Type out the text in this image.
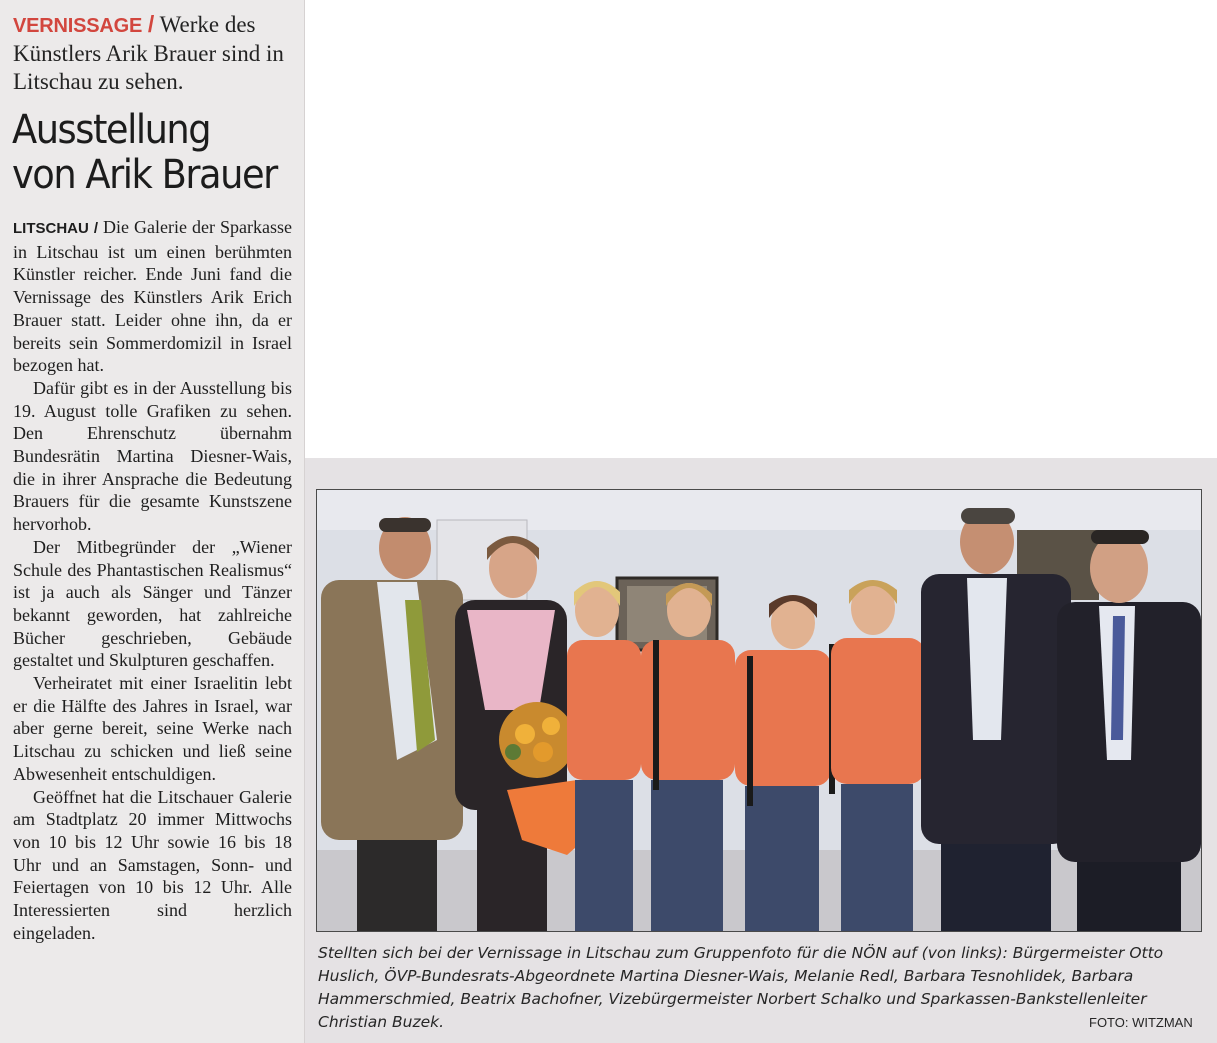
VERNISSAGE / Werke des Künstlers Arik Brauer sind in Litschau zu sehen.
Ausstellung von Arik Brauer

LITSCHAU / Die Galerie der Sparkasse in Litschau ist um einen berühmten Künstler reicher. Ende Juni fand die Vernissage des Künstlers Arik Erich Brauer statt. Leider ohne ihn, da er bereits sein Sommerdomizil in Israel bezogen hat.

Dafür gibt es in der Ausstellung bis 19. August tolle Grafiken zu sehen. Den Ehrenschutz übernahm Bundesrätin Martina Diesner-Wais, die in ihrer Ansprache die Bedeutung Brauers für die gesamte Kunstszene hervorhob.

Der Mitbegründer der „Wiener Schule des Phantastischen Realismus“ ist ja auch als Sänger und Tänzer bekannt geworden, hat zahlreiche Bücher geschrieben, Gebäude gestaltet und Skulpturen geschaffen.

Verheiratet mit einer Israelitin lebt er die Hälfte des Jahres in Israel, war aber gerne bereit, seine Werke nach Litschau zu schicken und ließ seine Abwesenheit entschuldigen.

Geöffnet hat die Litschauer Galerie am Stadtplatz 20 immer Mittwochs von 10 bis 12 Uhr sowie 16 bis 18 Uhr und an Samstagen, Sonn- und Feiertagen von 10 bis 12 Uhr. Alle Interessierten sind herzlich eingeladen.

Stellten sich bei der Vernissage in Litschau zum Gruppenfoto für die NÖN auf (von links): Bürgermeister Otto Huslich, ÖVP-Bundesrats-Abgeordnete Martina Diesner-Wais, Melanie Redl, Barbara Tesnohlidek, Barbara Hammerschmied, Beatrix Bachofner, Vizebürgermeister Norbert Schalko und Sparkassen-Bankstellenleiter Christian Buzek.	FOTO: WITZMAN
